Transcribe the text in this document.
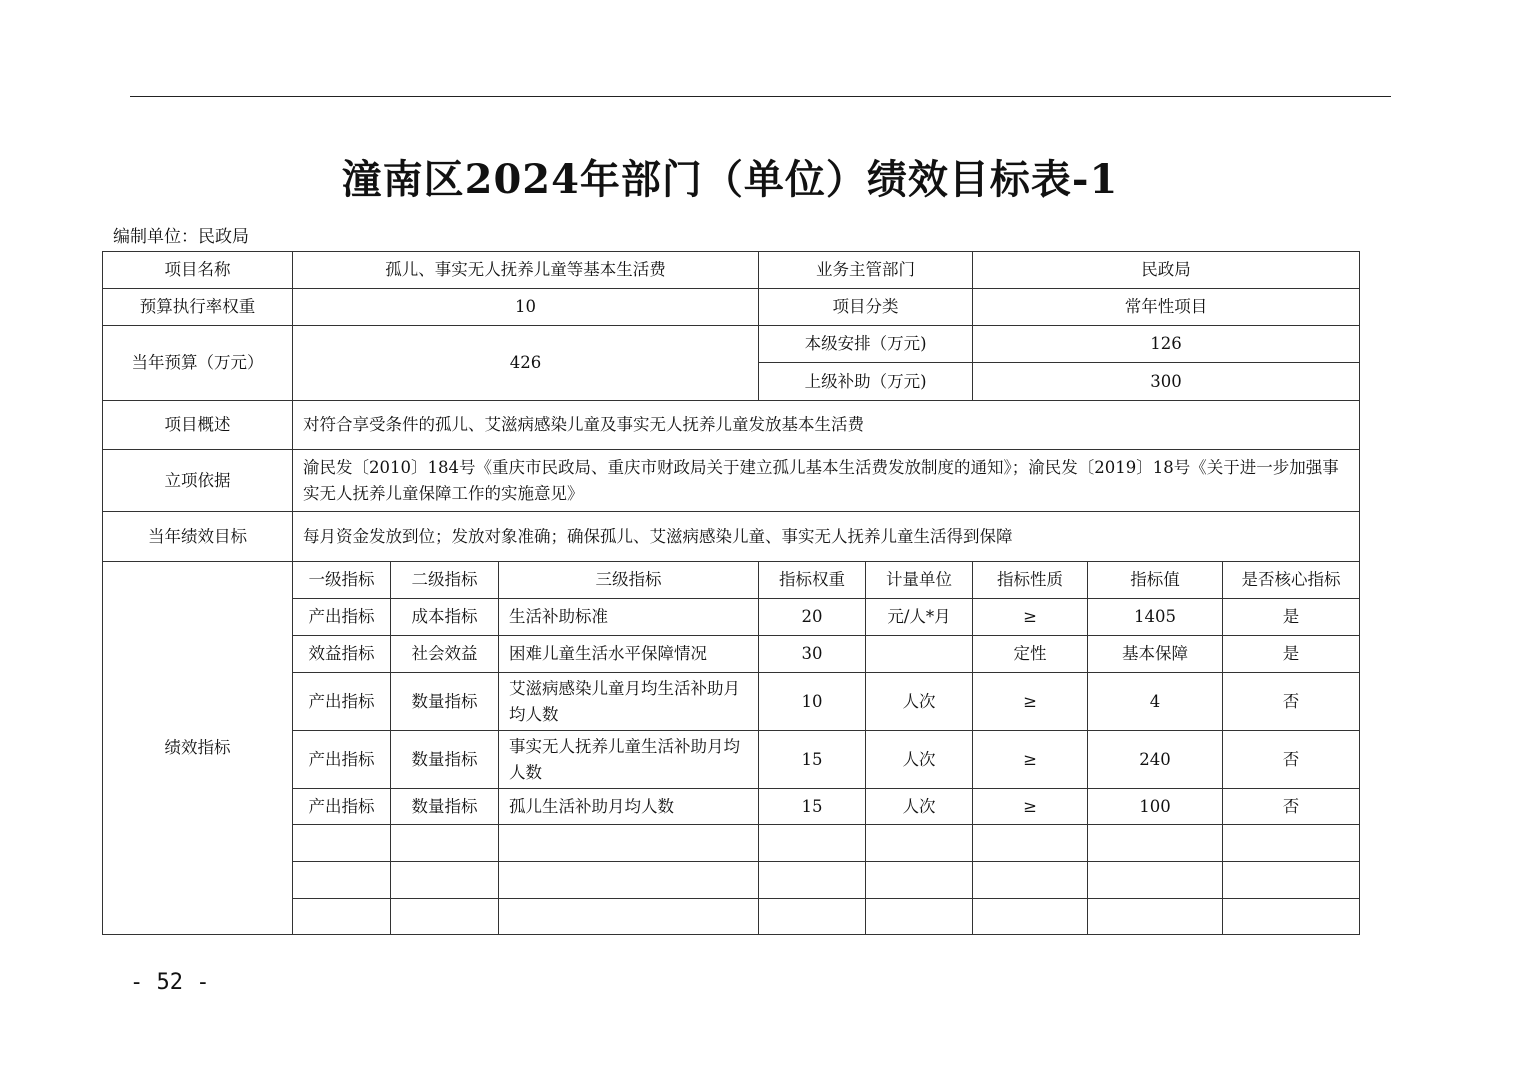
潼南区2024年部门（单位）绩效目标表-1
编制单位：民政局
项目名称	孤儿、事实无人抚养儿童等基本生活费			业务主管部门		民政局		
预算执行率权重	10			项目分类		常年性项目		
当年预算（万元）	426			本级安排（万元)		126		
				上级补助（万元)		300		
项目概述	对符合享受条件的孤儿、艾滋病感染儿童及事实无人抚养儿童发放基本生活费							
立项依据	渝民发〔2010〕184号《重庆市民政局、重庆市财政局关于建立孤儿基本生活费发放制度的通知》；渝民发〔2019〕18号《关于进一步加强事实无人抚养儿童保障工作的实施意见》							
当年绩效目标	每月资金发放到位；发放对象准确；确保孤儿、艾滋病感染儿童、事实无人抚养儿童生活得到保障							
绩效指标	一级指标	二级指标	三级指标	指标权重	计量单位	指标性质	指标值	是否核心指标
	产出指标	成本指标	生活补助标准	20	元/人*月	≥	1405	是
	效益指标	社会效益	困难儿童生活水平保障情况	30		定性	基本保障	是
	产出指标	数量指标	艾滋病感染儿童月均生活补助月均人数	10	人次	≥	4	否
	产出指标	数量指标	事实无人抚养儿童生活补助月均人数	15	人次	≥	240	否
	产出指标	数量指标	孤儿生活补助月均人数	15	人次	≥	100	否

- 52 -
